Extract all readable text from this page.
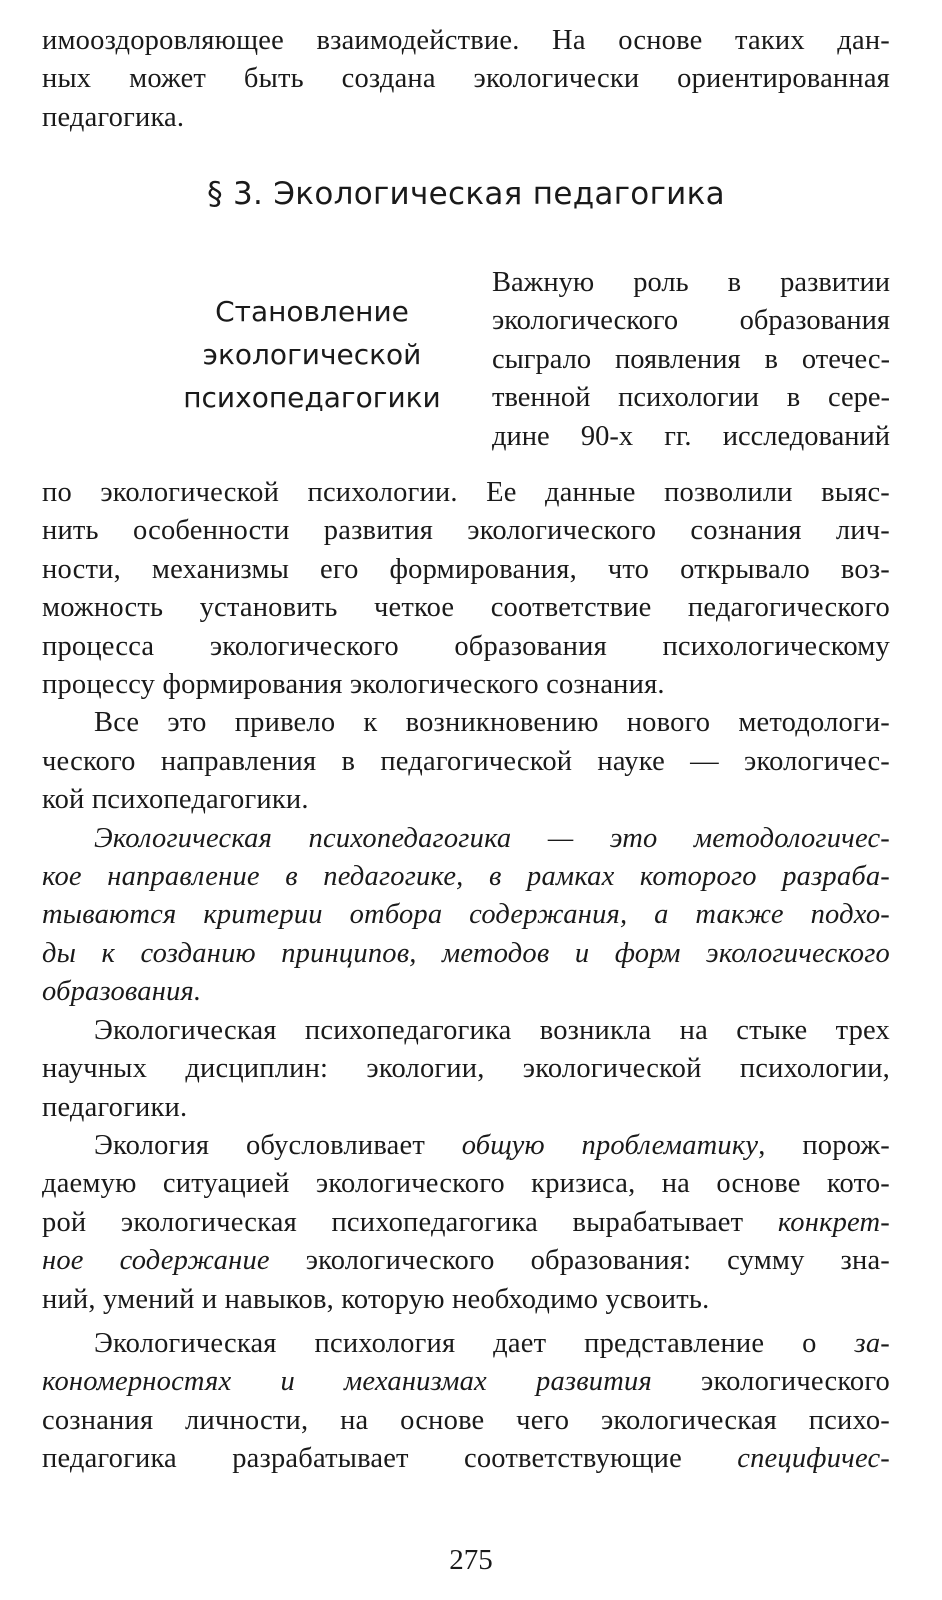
имооздоровляющее взаимодействие. На основе таких дан-
ных может быть создана экологически ориентированная
педагогика.
§ 3. Экологическая педагогика
Становление
экологической
психопедагогики
Важную роль в развитии
экологического образования
сыграло появления в отечес-
твенной психологии в сере-
дине 90-х гг. исследований
по экологической психологии. Ее данные позволили выяс-
нить особенности развития экологического сознания лич-
ности, механизмы его формирования, что открывало воз-
можность установить четкое соответствие педагогического
процесса экологического образования психологическому
процессу формирования экологического сознания.
Все это привело к возникновению нового методологи-
ческого направления в педагогической науке — экологичес-
кой психопедагогики.
Экологическая психопедагогика — это методологичес-
кое направление в педагогике, в рамках которого разраба-
тываются критерии отбора содержания, а также подхо-
ды к созданию принципов, методов и форм экологического
образования.
Экологическая психопедагогика возникла на стыке трех
научных дисциплин: экологии, экологической психологии,
педагогики.
Экология обусловливает общую проблематику, порож-
даемую ситуацией экологического кризиса, на основе кото-
рой экологическая психопедагогика вырабатывает конкрет-
ное содержание экологического образования: сумму зна-
ний, умений и навыков, которую необходимо усвоить.
Экологическая психология дает представление о за-
кономерностях и механизмах развития экологического
сознания личности, на основе чего экологическая психо-
педагогика разрабатывает соответствующие специфичес-
275
